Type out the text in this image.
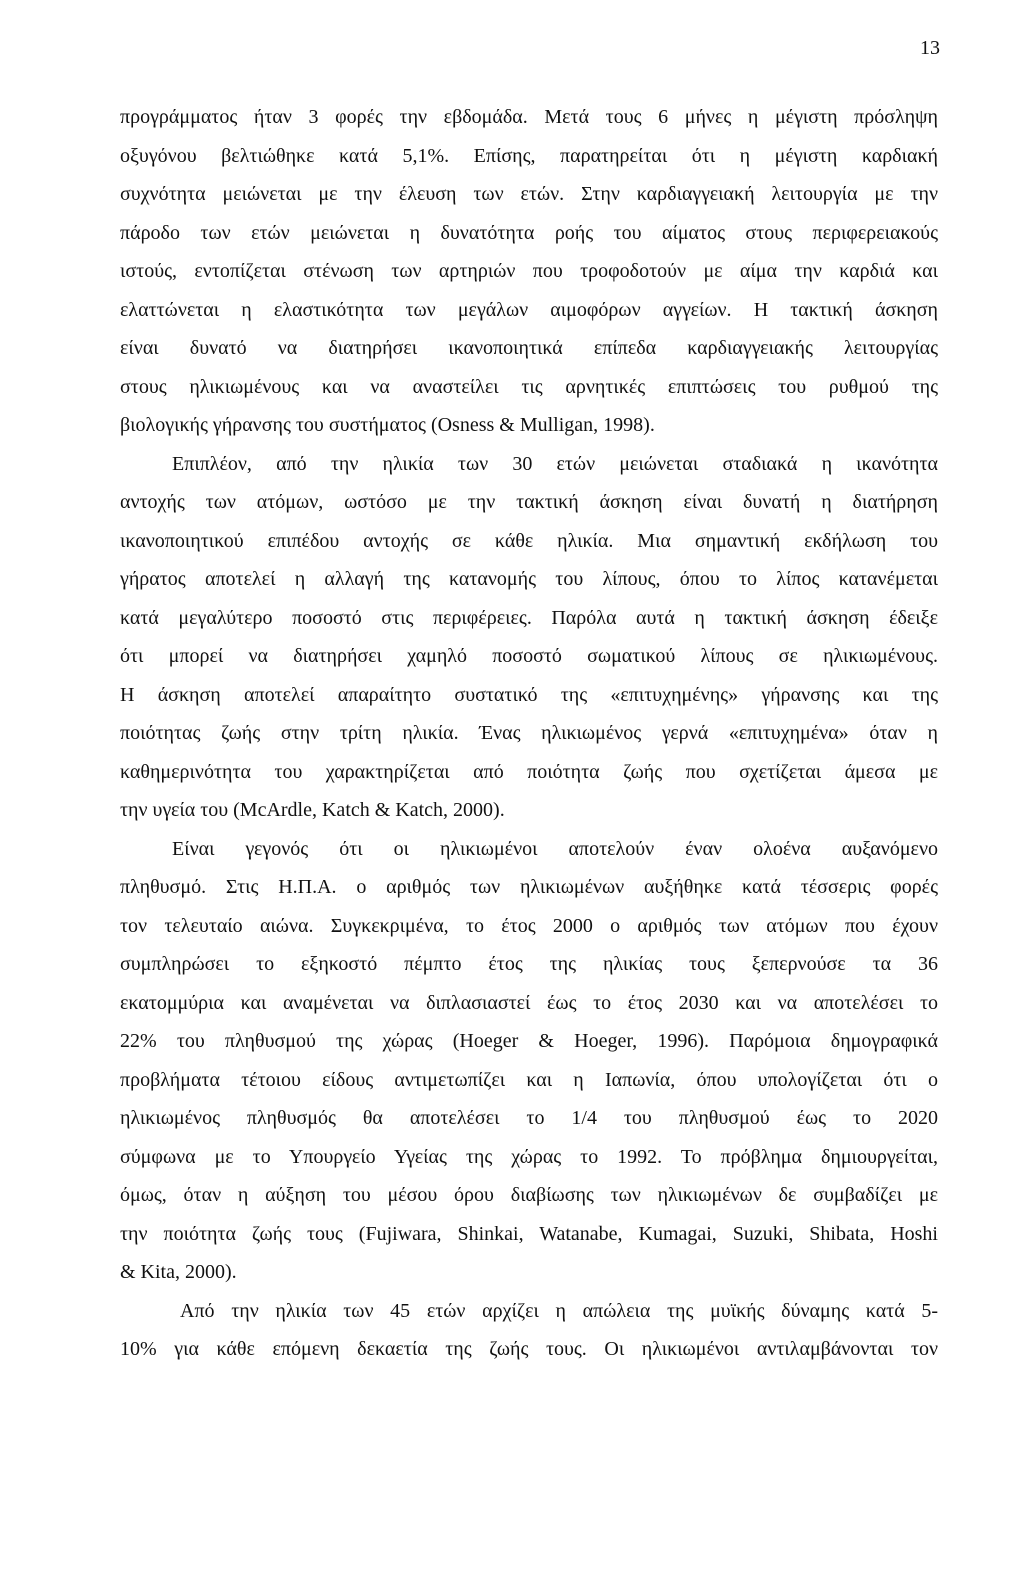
13
προγράμματος ήταν 3 φορές την εβδομάδα. Μετά τους 6 μήνες η μέγιστη πρόσληψη
οξυγόνου βελτιώθηκε κατά 5,1%. Επίσης, παρατηρείται ότι η μέγιστη καρδιακή
συχνότητα μειώνεται με την έλευση των ετών. Στην καρδιαγγειακή λειτουργία με την
πάροδο των ετών μειώνεται η δυνατότητα ροής του αίματος στους περιφερειακούς
ιστούς, εντοπίζεται στένωση των αρτηριών που τροφοδοτούν με αίμα την καρδιά και
ελαττώνεται η ελαστικότητα των μεγάλων αιμοφόρων αγγείων. Η τακτική άσκηση
είναι δυνατό να διατηρήσει ικανοποιητικά επίπεδα καρδιαγγειακής λειτουργίας
στους ηλικιωμένους και να αναστείλει τις αρνητικές επιπτώσεις του ρυθμού της
βιολογικής γήρανσης του συστήματος (Osness & Mulligan, 1998).
Επιπλέον, από την ηλικία των 30 ετών μειώνεται σταδιακά η ικανότητα
αντοχής των ατόμων, ωστόσο με την τακτική άσκηση είναι δυνατή η διατήρηση
ικανοποιητικού επιπέδου αντοχής σε κάθε ηλικία. Μια σημαντική εκδήλωση του
γήρατος αποτελεί η αλλαγή της κατανομής του λίπους, όπου το λίπος κατανέμεται
κατά μεγαλύτερο ποσοστό στις περιφέρειες. Παρόλα αυτά η τακτική άσκηση έδειξε
ότι μπορεί να διατηρήσει χαμηλό ποσοστό σωματικού λίπους σε ηλικιωμένους.
Η άσκηση αποτελεί απαραίτητο συστατικό της «επιτυχημένης» γήρανσης και της
ποιότητας ζωής στην τρίτη ηλικία. Ένας ηλικιωμένος γερνά «επιτυχημένα» όταν η
καθημερινότητα του χαρακτηρίζεται από ποιότητα ζωής που σχετίζεται άμεσα με
την υγεία του (McArdle, Katch & Katch, 2000).
Είναι γεγονός ότι οι ηλικιωμένοι αποτελούν έναν ολοένα αυξανόμενο
πληθυσμό. Στις Η.Π.Α. ο αριθμός των ηλικιωμένων αυξήθηκε κατά τέσσερις φορές
τον τελευταίο αιώνα. Συγκεκριμένα, το έτος 2000 ο αριθμός των ατόμων που έχουν
συμπληρώσει το εξηκοστό πέμπτο έτος της ηλικίας τους ξεπερνούσε τα 36
εκατομμύρια και αναμένεται να διπλασιαστεί έως το έτος 2030 και να αποτελέσει το
22% του πληθυσμού της χώρας (Hoeger & Hoeger, 1996). Παρόμοια δημογραφικά
προβλήματα τέτοιου είδους αντιμετωπίζει και η Ιαπωνία, όπου υπολογίζεται ότι ο
ηλικιωμένος πληθυσμός θα αποτελέσει το 1/4 του πληθυσμού έως το 2020
σύμφωνα με το Υπουργείο Υγείας της χώρας το 1992. Το πρόβλημα δημιουργείται,
όμως, όταν η αύξηση του μέσου όρου διαβίωσης των ηλικιωμένων δε συμβαδίζει με
την ποιότητα ζωής τους (Fujiwara, Shinkai, Watanabe, Kumagai, Suzuki, Shibata, Hoshi
& Kita, 2000).
Από την ηλικία των 45 ετών αρχίζει η απώλεια της μυϊκής δύναμης κατά 5-
10% για κάθε επόμενη δεκαετία της ζωής τους. Οι ηλικιωμένοι αντιλαμβάνονται τον
